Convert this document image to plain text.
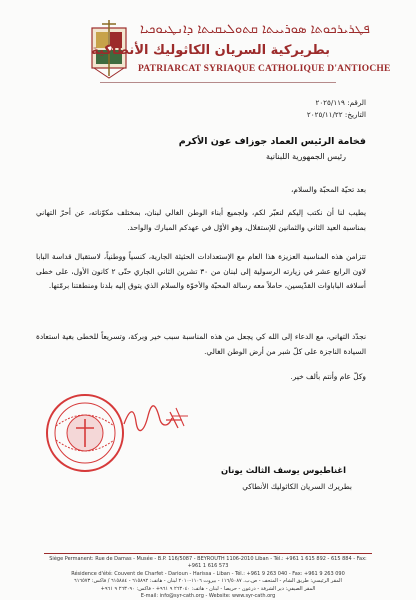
ܦܛܪܝܪܟܘܬܐ ܣܘܪܝܝܬܐ ܩܬܘܠܝܩܝܬܐ ܕܐܢܛܝܘܟܝܐ
بطريركية السريان الكاثوليك الأنطاكية
PATRIARCAT SYRIAQUE CATHOLIQUE D'ANTIOCHE
الرقم: ٢٠٢٥/١١٩
التاريخ: ٢٠٢٥/١١/٢٢
فخامة الرئيس العماد جوزاف عون الأكرم
رئيس الجمهورية اللبنانية
بعد تحيّة المحبّة والسلام،
يطيب لنا أن نكتب إليكم لنعبّر لكم، ولجميع أبناء الوطن الغالي لبنان، بمختلف مكوّناته، عن أحرّ التهاني بمناسبة العيد الثاني والثمانين للإستقلال، وهو الأوّل في عهدكم المبارك والواحد.
تتزامن هذه المناسبة العزيزة هذا العام مع الإستعدادات الحثيثة الجارية، كنسياً ووطنياً، لاستقبال قداسة البابا لاون الرابع عشر في زيارته الرسولية إلى لبنان من ٣٠ تشرين الثاني الجاري حتّى ٢ كانون الأول، على خطى أسلافه الباباوات القدّيسين، حاملاً معه رسالة المحبّة والأخوّة والسلام الذي يتوق إليه بلدنا ومنطقتنا برمّتها.
نجدّد التهاني، مع الدعاء إلى الله كي يجعل من هذه المناسبة سبب خير وبركة، وتسريعاً للخطى بغية استعادة السيادة الناجزة على كلّ شبر من أرض الوطن الغالي.
وكلّ عام وأنتم بألف خير.
اغناطيوس يوسف الثالث يونان
بطريرك السريان الكاثوليك الأنطاكي
Siège Permanent: Rue de Damas - Musée - B.P. 116/5087 - BEYROUTH 1106-2010 Liban - Tél.: +961 1 615 892 - 615 884 - Fax: +961 1 616 573
Résidence d'été: Couvent de Charfet - Darioun - Harissa - Liban - Tél.: +961 9 263 040 - Fax: +961 9 263 090
المقر الرئيسي: طريق الشام - المتحف - ص.ب. ١١٦/٥٠٨٧ - بيروت ١١٠٦-٢٠١٠ لبنان - هاتف: ٦١٥٨٩٢ - ٦١٥٨٨٤ / فاكس: ٦١٦٥٧٣
المقر الصيفي: دير الشرفة - درعون - حريصا - لبنان - هاتف: ٢٦٣٠٤٠ ٩ ٩٦١+ - فاكس: ٢٦٣٠٩٠ ٩ ٩٦١+
E-mail: info@syr-cath.org - Website: www.syr-cath.org
